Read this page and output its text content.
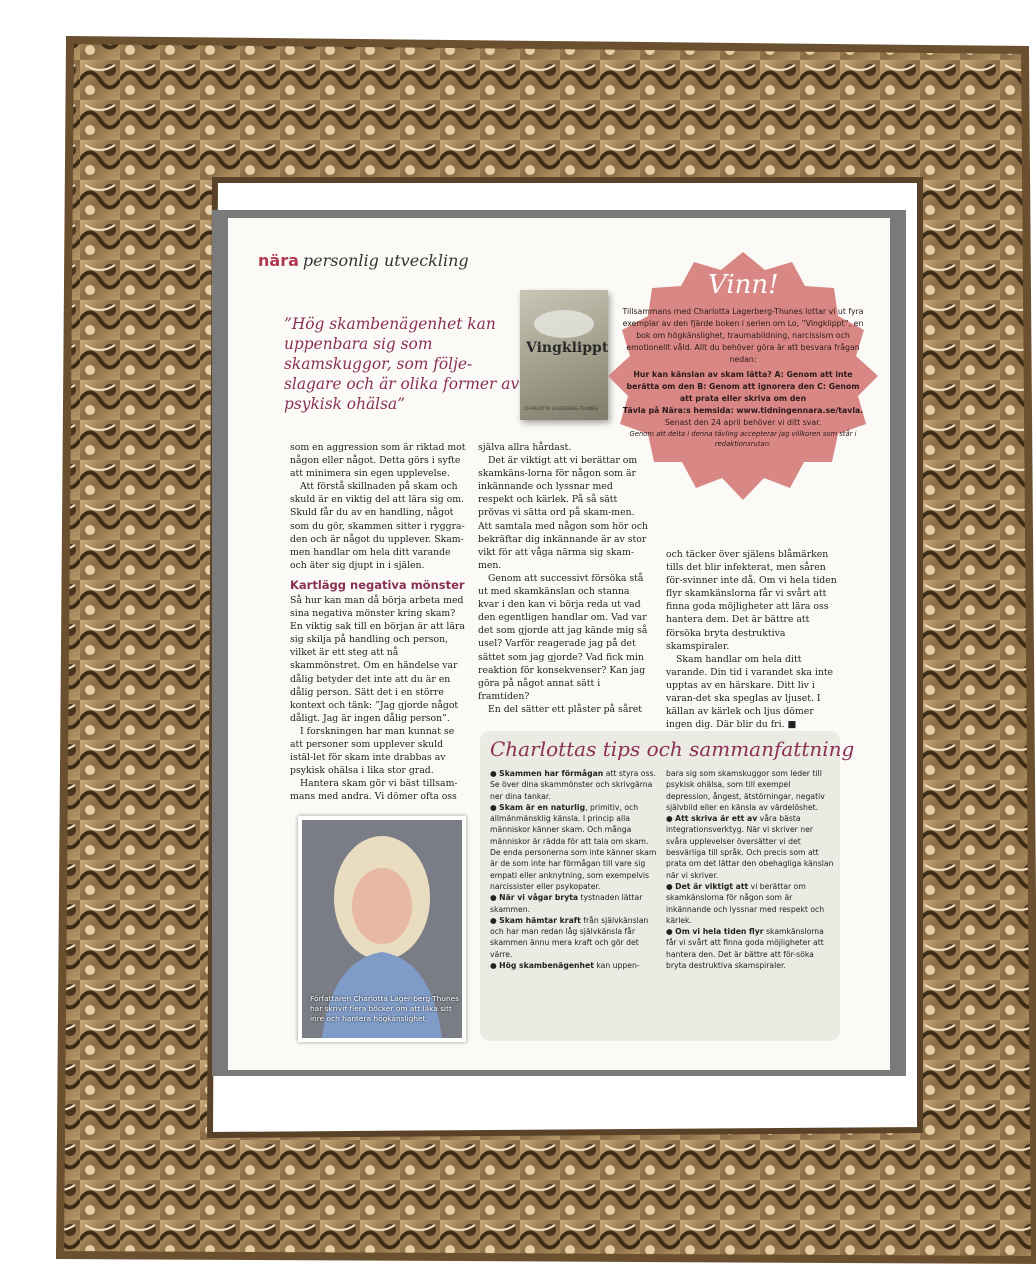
nära personlig utveckling
”Hög skambenägenhet kan uppenbara sig som skamskuggor, som följe-slagare och är olika former av psykisk ohälsa”
Vingklippt
CHARLOTTA LAGERBERG-THUNES
Vinn!
Tillsammans med Charlotta Lagerberg-Thunes lottar vi ut fyra exemplar av den fjärde boken i serien om Lo, ”Vingklippt”, en bok om högkänslighet, traumabildning, narcissism och emotionellt våld. Allt du behöver göra är att besvara frågan nedan:
Hur kan känslan av skam lätta? A: Genom att inte berätta om den B: Genom att ignorera den C: Genom att prata eller skriva om den
Tävla på Nära:s hemsida: www.tidningennara.se/tavla.
Senast den 24 april behöver vi ditt svar.
Genom att delta i denna tävling accepterar jag villkoren som står i redaktionsrutan.

som en aggression som är riktad mot någon eller något. Detta görs i syfte att minimera sin egen upplevelse.

Att förstå skillnaden på skam och skuld är en viktig del att lära sig om. Skuld får du av en handling, något som du gör, skammen sitter i ryggra-den och är något du upplever. Skam-men handlar om hela ditt varande och äter sig djupt in i själen.

Kartlägg negativa mönster

Så hur kan man då börja arbeta med sina negativa mönster kring skam? En viktig sak till en början är att lära sig skilja på handling och person, vilket är ett steg att nå skammönstret. Om en händelse var dålig betyder det inte att du är en dålig person. Sätt det i en större kontext och tänk: ”Jag gjorde något dåligt. Jag är ingen dålig person”.

I forskningen har man kunnat se att personer som upplever skuld istäl-let för skam inte drabbas av psykisk ohälsa i lika stor grad.

Hantera skam gör vi bäst tillsam-mans med andra. Vi dömer ofta oss

själva allra hårdast.

Det är viktigt att vi berättar om skamkäns-lorna för någon som är inkännande och lyssnar med respekt och kärlek. På så sätt prövas vi sätta ord på skam-men. Att samtala med någon som hör och bekräftar dig inkännande är av stor vikt för att våga närma sig skam-men.

Genom att successivt försöka stå ut med skamkänslan och stanna kvar i den kan vi börja reda ut vad den egentligen handlar om. Vad var det som gjorde att jag kände mig så usel? Varför reagerade jag på det sättet som jag gjorde? Vad fick min reaktion för konsekvenser? Kan jag göra på något annat sätt i framtiden?

En del sätter ett plåster på såret

och täcker över själens blåmärken tills det blir infekterat, men såren för-svinner inte då. Om vi hela tiden flyr skamkänslorna får vi svårt att finna goda möjligheter att lära oss hantera dem. Det är bättre att försöka bryta destruktiva skamspiraler.

Skam handlar om hela ditt varande. Din tid i varandet ska inte upptas av en härskare. Ditt liv i varan-det ska speglas av ljuset. I källan av kärlek och ljus dömer ingen dig. Där blir du fri. ■

Charlottas tips och sammanfattning

● Skammen har förmågan att styra oss. Se över dina skammönster och skrivgärna ner dina tankar.

● Skam är en naturlig, primitiv, och allmänmänsklig känsla. I princip alla människor känner skam. Och många människor är rädda för att tala om skam. De enda personerna som inte känner skam är de som inte har förmågan till vare sig empati eller anknytning, som exempelvis narcissister eller psykopater.

● När vi vågar bryta tystnaden lättar skammen.

● Skam hämtar kraft från självkänslan och har man redan låg självkänsla får skammen ännu mera kraft och gör det värre.

● Hög skambenägenhet kan uppen-

bara sig som skamskuggor som leder till psykisk ohälsa, som till exempel depression, ångest, ätstörningar, negativ självbild eller en känsla av värdelöshet.

● Att skriva är ett av våra bästa integrationsverktyg. När vi skriver ner svåra upplevelser översätter vi det besvärliga till språk. Och precis som att prata om det lättar den obehagliga känslan när vi skriver.

● Det är viktigt att vi berättar om skamkänslorna för någon som är inkännande och lyssnar med respekt och kärlek.

● Om vi hela tiden flyr skamkänslorna får vi svårt att finna goda möjligheter att hantera den. Det är bättre att för-söka bryta destruktiva skamspiraler.

Författaren Charlotta Lager-berg-Thunes har skrivit flera böcker om att läka sitt inre och hantera högkänslighet.
